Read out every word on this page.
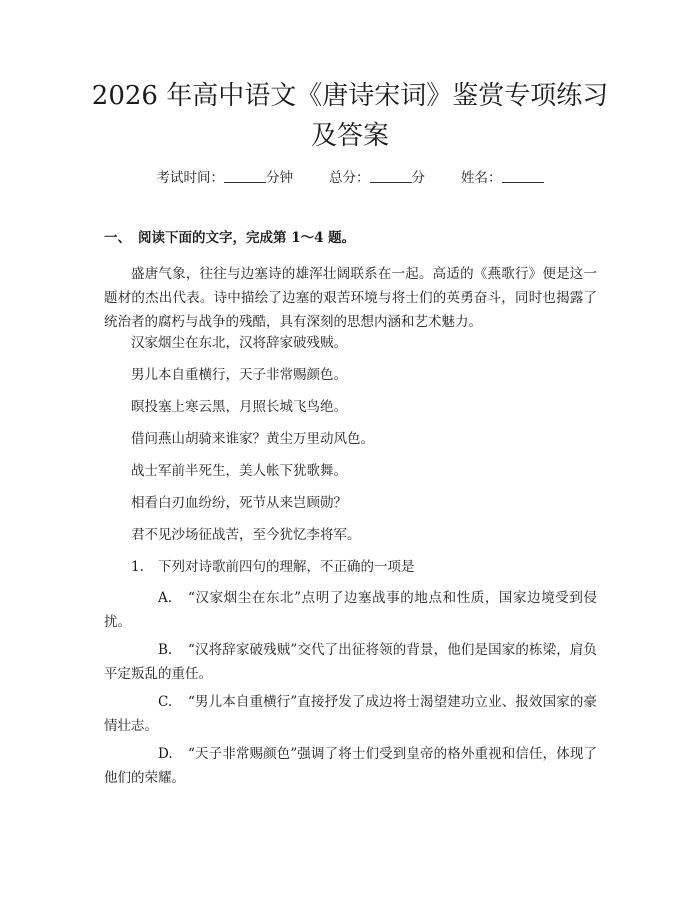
2026 年高中语文《唐诗宋词》鉴赏专项练习
及答案
考试时间：	分钟	总分：	分	姓名：
一、 阅读下面的文字，完成第 1～4 题。
盛唐气象，往往与边塞诗的雄浑壮阔联系在一起。高适的《燕歌行》便是这一题材的杰出代表。诗中描绘了边塞的艰苦环境与将士们的英勇奋斗，同时也揭露了统治者的腐朽与战争的残酷，具有深刻的思想内涵和艺术魅力。
汉家烟尘在东北，汉将辞家破残贼。
男儿本自重横行，天子非常赐颜色。
暝投塞上寒云黑，月照长城飞鸟绝。
借问燕山胡骑来谁家？黄尘万里动风色。
战士军前半死生，美人帐下犹歌舞。
相看白刃血纷纷，死节从来岂顾勋？
君不见沙场征战苦，至今犹忆李将军。
1. 下列对诗歌前四句的理解，不正确的一项是
A. “汉家烟尘在东北”点明了边塞战事的地点和性质，国家边境受到侵扰。
B. “汉将辞家破残贼”交代了出征将领的背景，他们是国家的栋梁，肩负平定叛乱的重任。
C. “男儿本自重横行”直接抒发了成边将士渴望建功立业、报效国家的豪情壮志。
D. “天子非常赐颜色”强调了将士们受到皇帝的格外重视和信任，体现了他们的荣耀。
